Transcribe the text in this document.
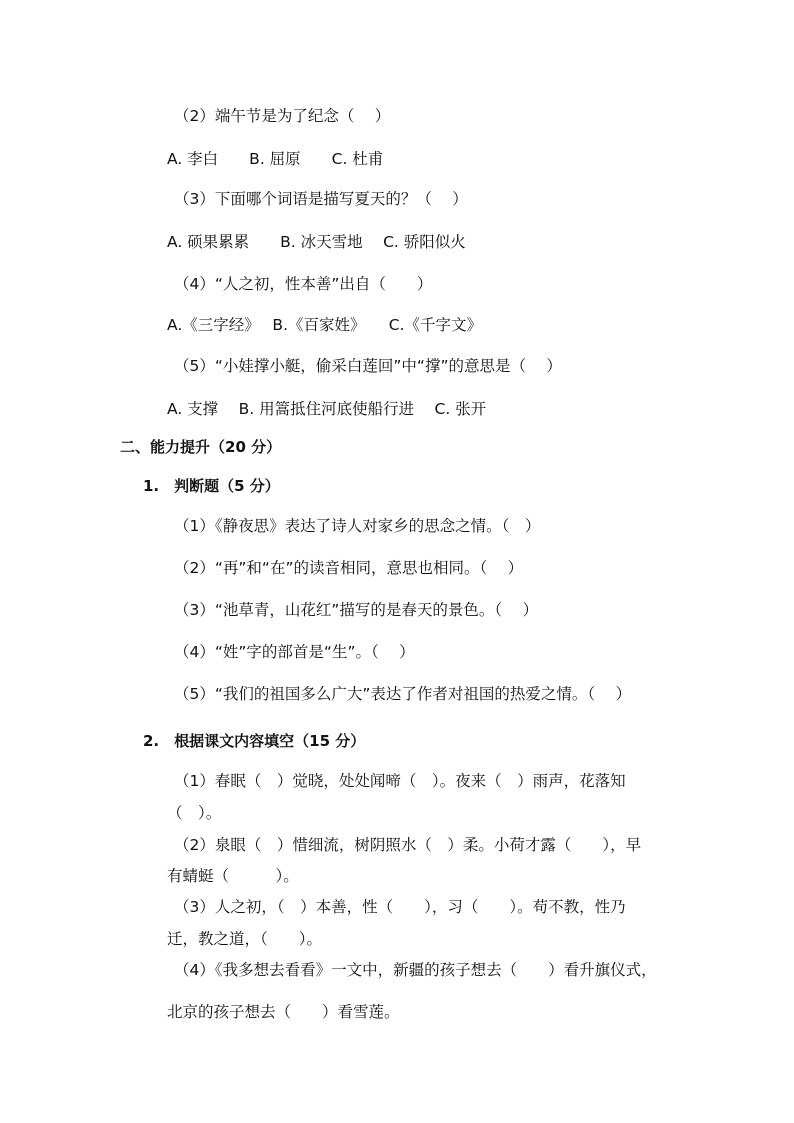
（2）端午节是为了纪念（　 ）
A. 李白　　B. 屈原　　C. 杜甫
（3）下面哪个词语是描写夏天的？（　 ）
A. 硕果累累　　B. 冰天雪地　 C. 骄阳似火
（4）“人之初，性本善”出自（　　）
A.《三字经》　 B.《百家姓》　　C.《千字文》
（5）“小娃撑小艇，偷采白莲回”中“撑”的意思是（　 ）
A. 支撑　 B. 用篙抵住河底使船行进　 C. 张开
二、能力提升（20 分）
1.　判断题（5 分）
（1）《静夜思》表达了诗人对家乡的思念之情。（　）
（2）“再”和“在”的读音相同，意思也相同。（　 ）
（3）“池草青，山花红”描写的是春天的景色。（　 ）
（4）“姓”字的部首是“生”。（　 ）
（5）“我们的祖国多么广大”表达了作者对祖国的热爱之情。（　 ）
2.　根据课文内容填空（15 分）
（1）春眠（　）觉晓，处处闻啼（　）。夜来（　）雨声，花落知
（　）。
（2）泉眼（　）惜细流，树阴照水（　）柔。小荷才露（　　），早
有蜻蜓（　　　）。
（3）人之初，（　）本善，性（　　），习（　　）。苟不教，性乃
迁，教之道，（　　）。
（4）《我多想去看看》一文中，新疆的孩子想去（　　）看升旗仪式，
北京的孩子想去（　　）看雪莲。
